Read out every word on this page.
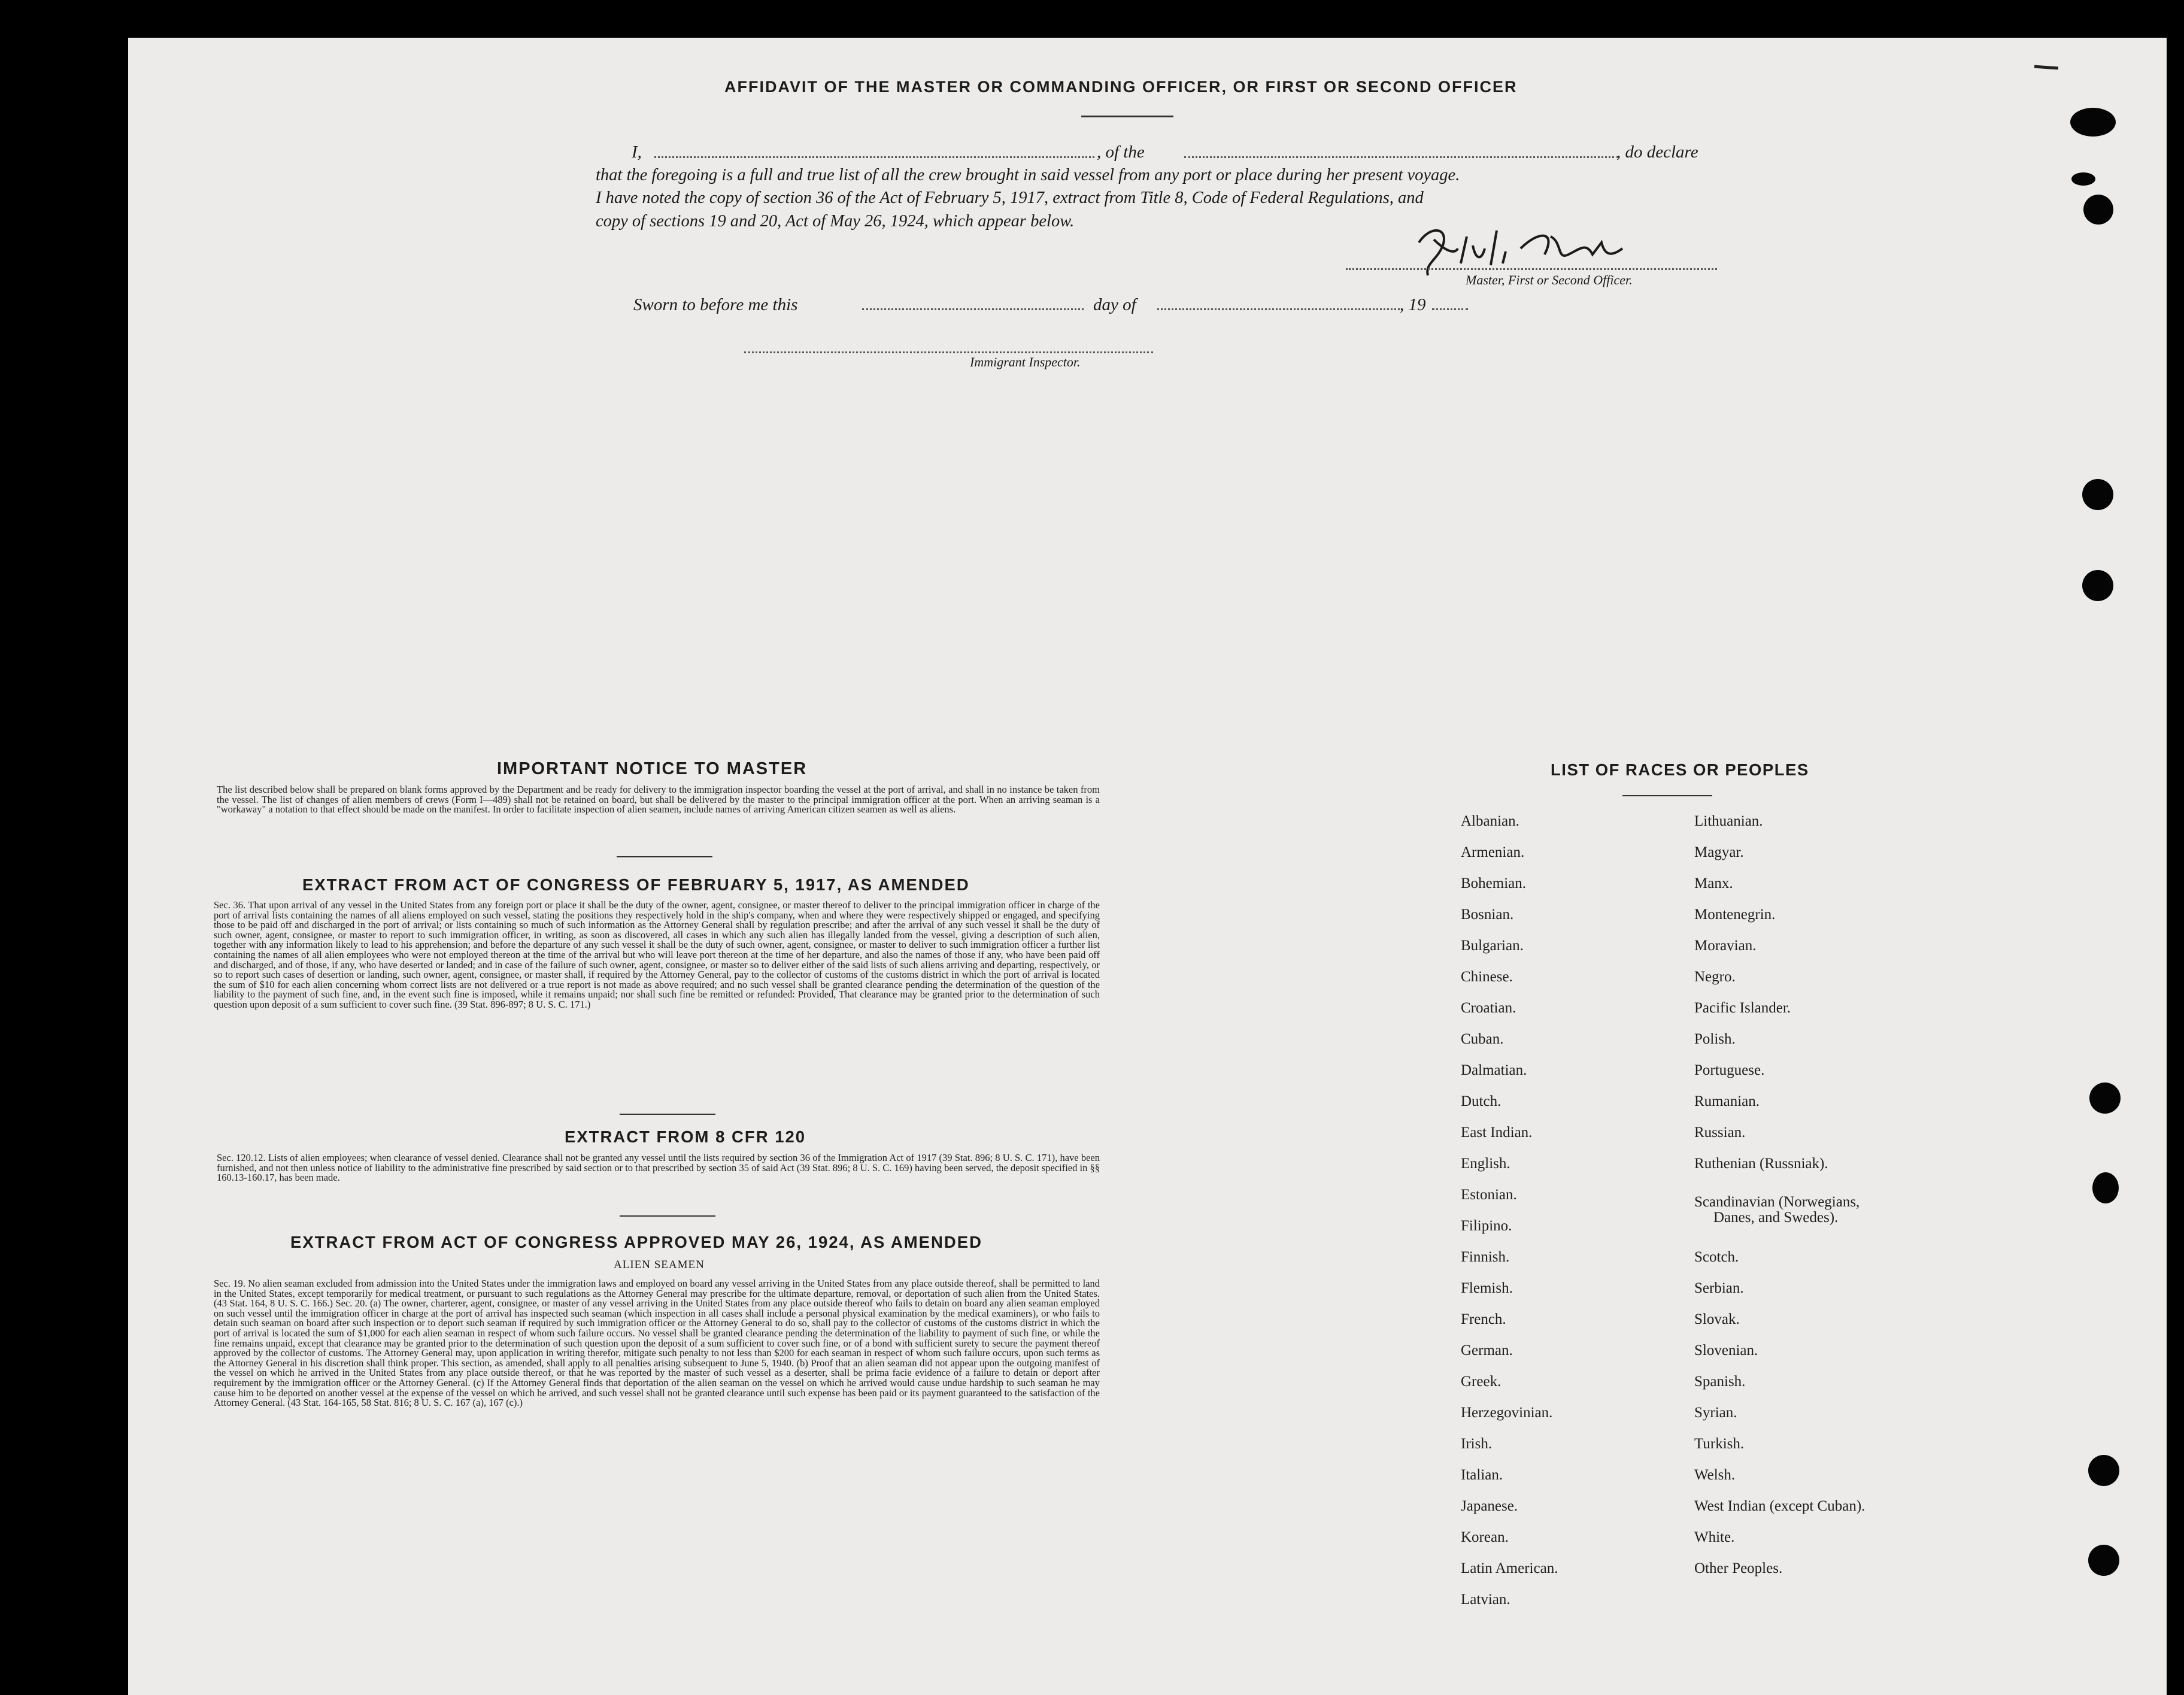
AFFIDAVIT OF THE MASTER OR COMMANDING OFFICER, OR FIRST OR SECOND OFFICER
I,	, of the	, do declare
that the foregoing is a full and true list of all the crew brought in said vessel from any port or place during her present voyage.
I have noted the copy of section 36 of the Act of February 5, 1917, extract from Title 8, Code of Federal Regulations, and
copy of sections 19 and 20, Act of May 26, 1924, which appear below.
Master, First or Second Officer.
Sworn to before me this	day of	, 19
Immigrant Inspector.
IMPORTANT NOTICE TO MASTER
The list described below shall be prepared on blank forms approved by the Department and be ready for delivery to the immigration inspector boarding the vessel at the port of arrival, and shall in no instance be taken from the vessel. The list of changes of alien members of crews (Form I—489) shall not be retained on board, but shall be delivered by the master to the principal immigration officer at the port. When an arriving seaman is a "workaway" a notation to that effect should be made on the manifest. In order to facilitate inspection of alien seamen, include names of arriving American citizen seamen as well as aliens.
EXTRACT FROM ACT OF CONGRESS OF FEBRUARY 5, 1917, AS AMENDED
Sec. 36. That upon arrival of any vessel in the United States from any foreign port or place it shall be the duty of the owner, agent, consignee, or master thereof to deliver to the principal immigration officer in charge of the port of arrival lists containing the names of all aliens employed on such vessel, stating the positions they respectively hold in the ship's company, when and where they were respectively shipped or engaged, and specifying those to be paid off and discharged in the port of arrival; or lists containing so much of such information as the Attorney General shall by regulation prescribe; and after the arrival of any such vessel it shall be the duty of such owner, agent, consignee, or master to report to such immigration officer, in writing, as soon as discovered, all cases in which any such alien has illegally landed from the vessel, giving a description of such alien, together with any information likely to lead to his apprehension; and before the departure of any such vessel it shall be the duty of such owner, agent, consignee, or master to deliver to such immigration officer a further list containing the names of all alien employees who were not employed thereon at the time of the arrival but who will leave port thereon at the time of her departure, and also the names of those if any, who have been paid off and discharged, and of those, if any, who have deserted or landed; and in case of the failure of such owner, agent, consignee, or master so to deliver either of the said lists of such aliens arriving and departing, respectively, or so to report such cases of desertion or landing, such owner, agent, consignee, or master shall, if required by the Attorney General, pay to the collector of customs of the customs district in which the port of arrival is located the sum of $10 for each alien concerning whom correct lists are not delivered or a true report is not made as above required; and no such vessel shall be granted clearance pending the determination of the question of the liability to the payment of such fine, and, in the event such fine is imposed, while it remains unpaid; nor shall such fine be remitted or refunded: Provided, That clearance may be granted prior to the determination of such question upon deposit of a sum sufficient to cover such fine. (39 Stat. 896-897; 8 U. S. C. 171.)
EXTRACT FROM 8 CFR 120
Sec. 120.12. Lists of alien employees; when clearance of vessel denied. Clearance shall not be granted any vessel until the lists required by section 36 of the Immigration Act of 1917 (39 Stat. 896; 8 U. S. C. 171), have been furnished, and not then unless notice of liability to the administrative fine prescribed by said section or to that prescribed by section 35 of said Act (39 Stat. 896; 8 U. S. C. 169) having been served, the deposit specified in §§ 160.13-160.17, has been made.
EXTRACT FROM ACT OF CONGRESS APPROVED MAY 26, 1924, AS AMENDED
ALIEN SEAMEN
Sec. 19. No alien seaman excluded from admission into the United States under the immigration laws and employed on board any vessel arriving in the United States from any place outside thereof, shall be permitted to land in the United States, except temporarily for medical treatment, or pursuant to such regulations as the Attorney General may prescribe for the ultimate departure, removal, or deportation of such alien from the United States. (43 Stat. 164, 8 U. S. C. 166.) Sec. 20. (a) The owner, charterer, agent, consignee, or master of any vessel arriving in the United States from any place outside thereof who fails to detain on board any alien seaman employed on such vessel until the immigration officer in charge at the port of arrival has inspected such seaman (which inspection in all cases shall include a personal physical examination by the medical examiners), or who fails to detain such seaman on board after such inspection or to deport such seaman if required by such immigration officer or the Attorney General to do so, shall pay to the collector of customs of the customs district in which the port of arrival is located the sum of $1,000 for each alien seaman in respect of whom such failure occurs. No vessel shall be granted clearance pending the determination of the liability to payment of such fine, or while the fine remains unpaid, except that clearance may be granted prior to the determination of such question upon the deposit of a sum sufficient to cover such fine, or of a bond with sufficient surety to secure the payment thereof approved by the collector of customs. The Attorney General may, upon application in writing therefor, mitigate such penalty to not less than $200 for each seaman in respect of whom such failure occurs, upon such terms as the Attorney General in his discretion shall think proper. This section, as amended, shall apply to all penalties arising subsequent to June 5, 1940. (b) Proof that an alien seaman did not appear upon the outgoing manifest of the vessel on which he arrived in the United States from any place outside thereof, or that he was reported by the master of such vessel as a deserter, shall be prima facie evidence of a failure to detain or deport after requirement by the immigration officer or the Attorney General. (c) If the Attorney General finds that deportation of the alien seaman on the vessel on which he arrived would cause undue hardship to such seaman he may cause him to be deported on another vessel at the expense of the vessel on which he arrived, and such vessel shall not be granted clearance until such expense has been paid or its payment guaranteed to the satisfaction of the Attorney General. (43 Stat. 164-165, 58 Stat. 816; 8 U. S. C. 167 (a), 167 (c).)
LIST OF RACES OR PEOPLES
Albanian.
Armenian.
Bohemian.
Bosnian.
Bulgarian.
Chinese.
Croatian.
Cuban.
Dalmatian.
Dutch.
East Indian.
English.
Estonian.
Filipino.
Finnish.
Flemish.
French.
German.
Greek.
Herzegovinian.
Irish.
Italian.
Japanese.
Korean.
Latin American.
Latvian.
Lithuanian.
Magyar.
Manx.
Montenegrin.
Moravian.
Negro.
Pacific Islander.
Polish.
Portuguese.
Rumanian.
Russian.
Ruthenian (Russniak).
Scandinavian (Norwegians,
Danes, and Swedes).
Scotch.
Serbian.
Slovak.
Slovenian.
Spanish.
Syrian.
Turkish.
Welsh.
West Indian (except Cuban).
White.
Other Peoples.
